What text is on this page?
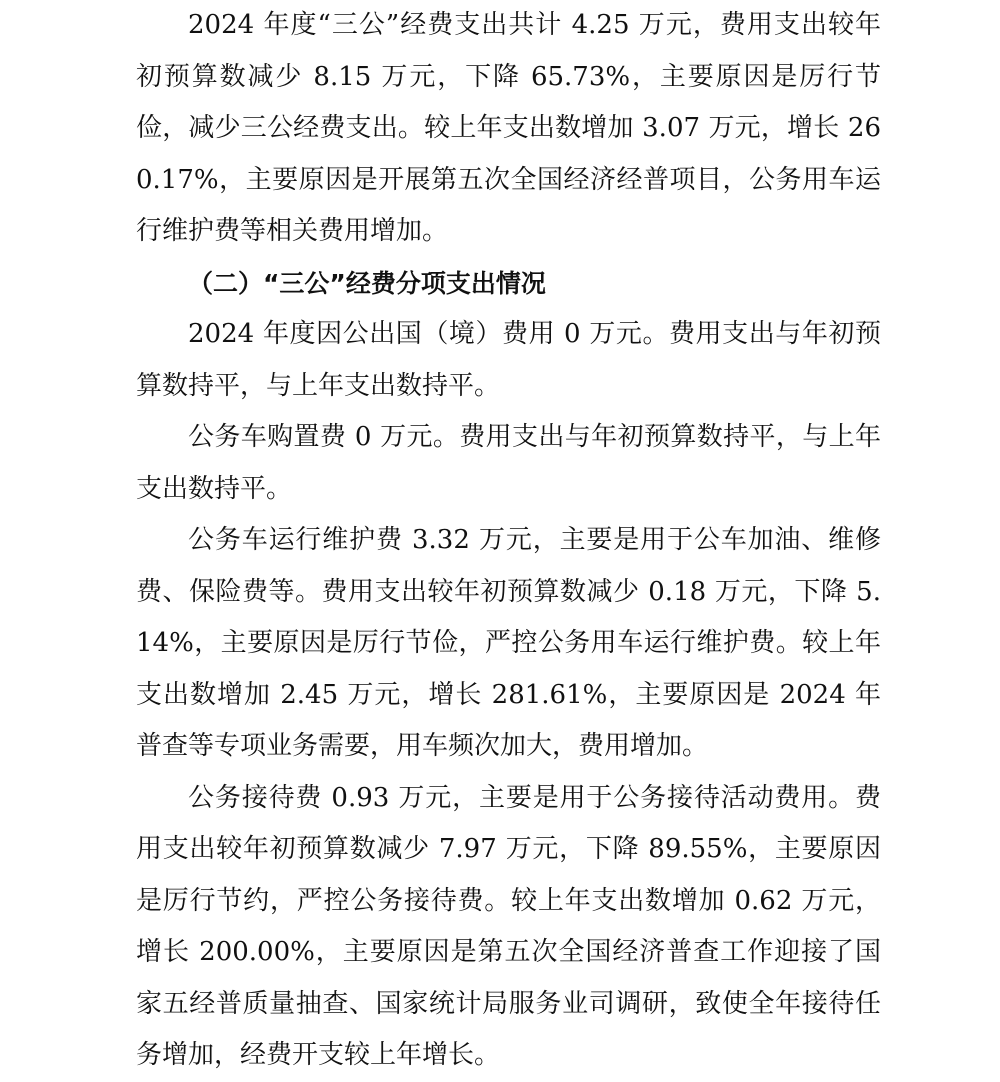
2024 年度“三公”经费支出共计 4.25 万元，费用支出较年初预算数减少 8.15 万元，下降 65.73%，主要原因是厉行节俭，减少三公经费支出。较上年支出数增加 3.07 万元，增长 260.17%，主要原因是开展第五次全国经济经普项目，公务用车运行维护费等相关费用增加。

（二）“三公”经费分项支出情况

2024 年度因公出国（境）费用 0 万元。费用支出与年初预算数持平，与上年支出数持平。

公务车购置费 0 万元。费用支出与年初预算数持平，与上年支出数持平。

公务车运行维护费 3.32 万元，主要是用于公车加油、维修费、保险费等。费用支出较年初预算数减少 0.18 万元，下降 5.14%，主要原因是厉行节俭，严控公务用车运行维护费。较上年支出数增加 2.45 万元，增长 281.61%，主要原因是 2024 年普查等专项业务需要，用车频次加大，费用增加。

公务接待费 0.93 万元，主要是用于公务接待活动费用。费用支出较年初预算数减少 7.97 万元，下降 89.55%，主要原因是厉行节约，严控公务接待费。较上年支出数增加 0.62 万元，增长 200.00%，主要原因是第五次全国经济普查工作迎接了国家五经普质量抽查、国家统计局服务业司调研，致使全年接待任务增加，经费开支较上年增长。
